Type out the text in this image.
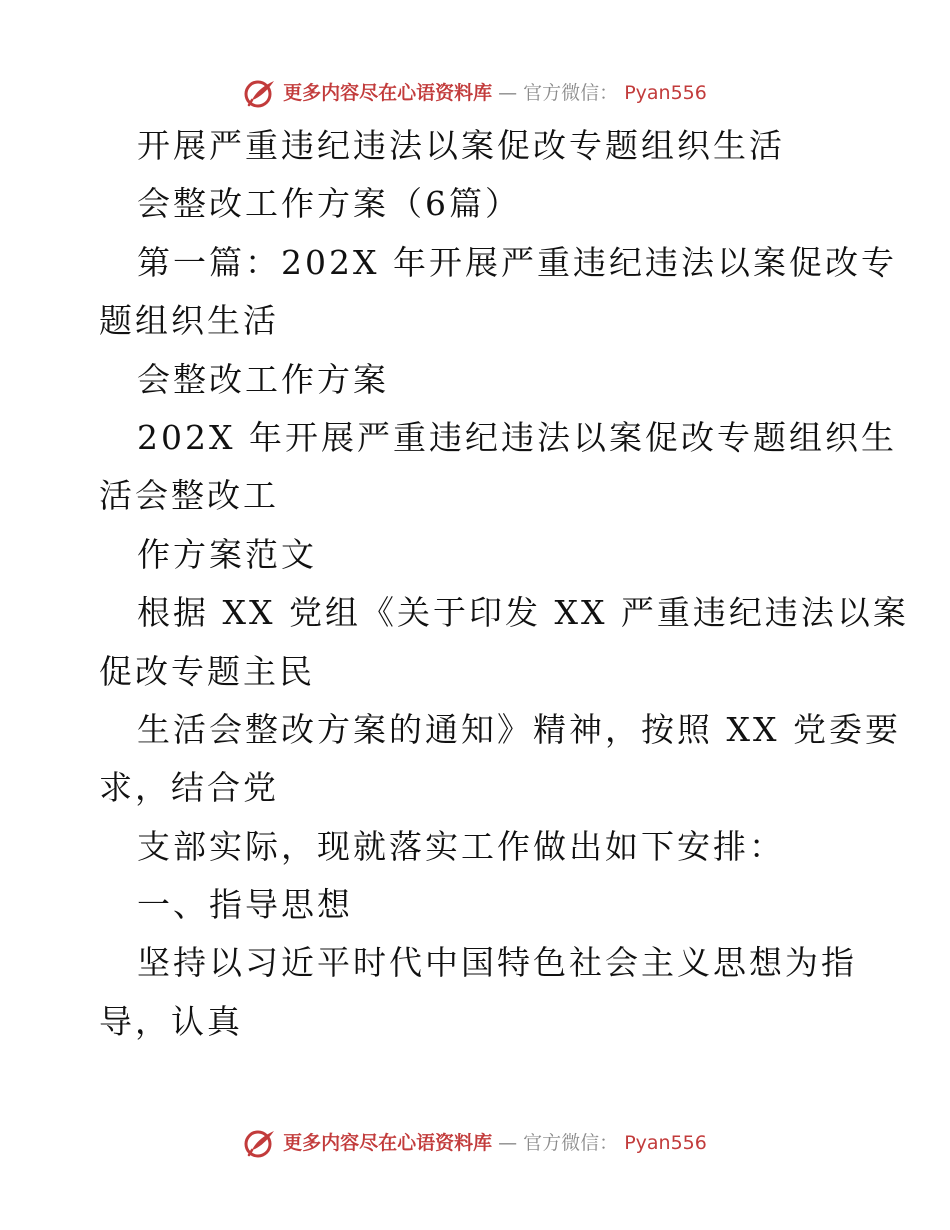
更多内容尽在心语资料库 — 官方微信： Pyan556
开展严重违纪违法以案促改专题组织生活
会整改工作方案（6篇）
第一篇：202X 年开展严重违纪违法以案促改专
题组织生活
会整改工作方案
202X 年开展严重违纪违法以案促改专题组织生
活会整改工
作方案范文
根据 XX 党组《关于印发 XX 严重违纪违法以案
促改专题主民
生活会整改方案的通知》精神，按照 XX 党委要
求，结合党
支部实际，现就落实工作做出如下安排：
一、指导思想
坚持以习近平时代中国特色社会主义思想为指
导，认真
更多内容尽在心语资料库 — 官方微信： Pyan556
